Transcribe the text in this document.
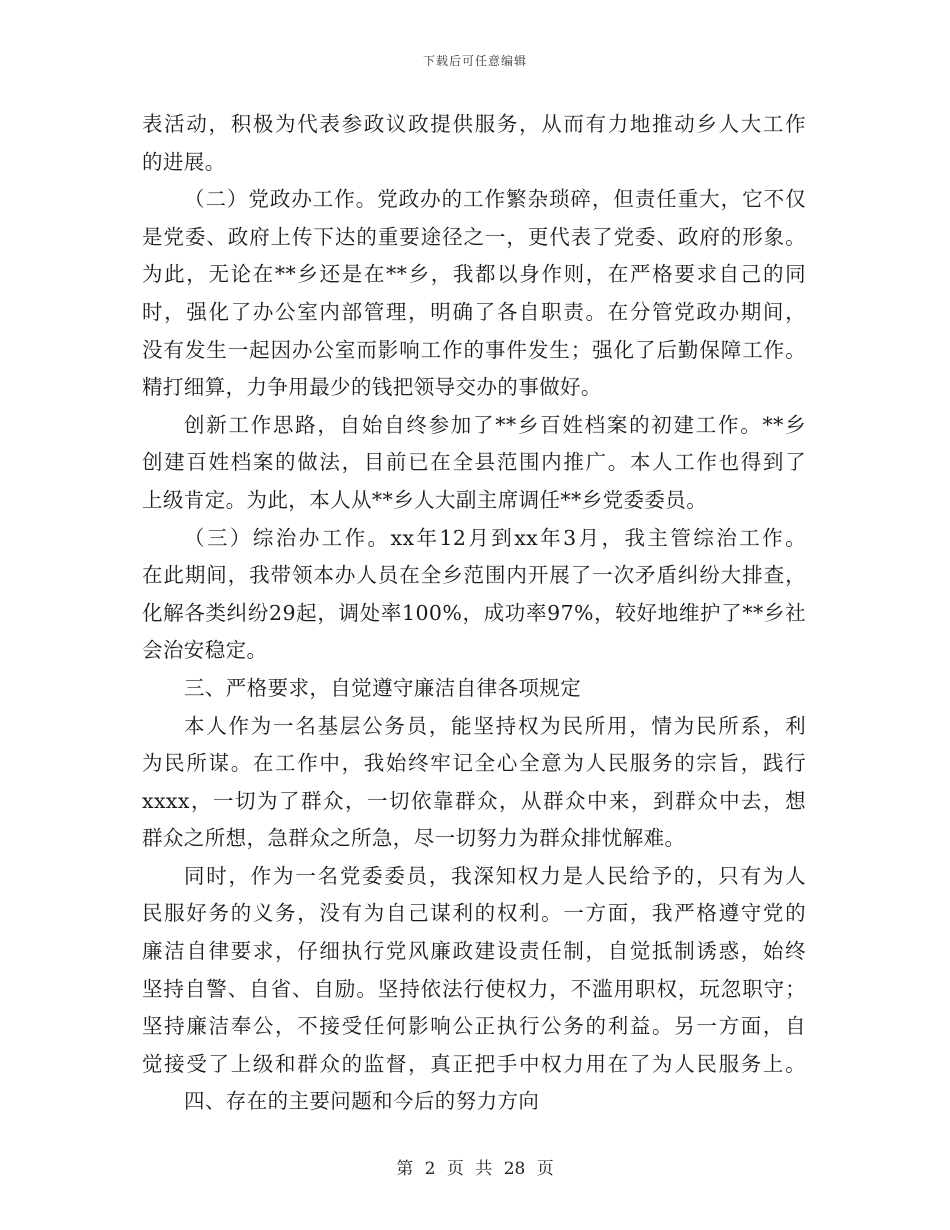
下载后可任意编辑
表活动，积极为代表参政议政提供服务，从而有力地推动乡人大工作
的进展。
（二）党政办工作。党政办的工作繁杂琐碎，但责任重大，它不仅
是党委、政府上传下达的重要途径之一，更代表了党委、政府的形象。
为此，无论在**乡还是在**乡，我都以身作则，在严格要求自己的同
时，强化了办公室内部管理，明确了各自职责。在分管党政办期间，
没有发生一起因办公室而影响工作的事件发生；强化了后勤保障工作。
精打细算，力争用最少的钱把领导交办的事做好。
创新工作思路，自始自终参加了**乡百姓档案的初建工作。**乡
创建百姓档案的做法，目前已在全县范围内推广。本人工作也得到了
上级肯定。为此，本人从**乡人大副主席调任**乡党委委员。
（三）综治办工作。xx年12月到xx年3月，我主管综治工作。
在此期间，我带领本办人员在全乡范围内开展了一次矛盾纠纷大排查，
化解各类纠纷29起，调处率100%，成功率97%，较好地维护了**乡社
会治安稳定。
三、严格要求，自觉遵守廉洁自律各项规定
本人作为一名基层公务员，能坚持权为民所用，情为民所系，利
为民所谋。在工作中，我始终牢记全心全意为人民服务的宗旨，践行
xxxx，一切为了群众，一切依靠群众，从群众中来，到群众中去，想
群众之所想，急群众之所急，尽一切努力为群众排忧解难。
同时，作为一名党委委员，我深知权力是人民给予的，只有为人
民服好务的义务，没有为自己谋利的权利。一方面，我严格遵守党的
廉洁自律要求，仔细执行党风廉政建设责任制，自觉抵制诱惑，始终
坚持自警、自省、自励。坚持依法行使权力，不滥用职权，玩忽职守；
坚持廉洁奉公，不接受任何影响公正执行公务的利益。另一方面，自
觉接受了上级和群众的监督，真正把手中权力用在了为人民服务上。
四、存在的主要问题和今后的努力方向
第 2 页 共 28 页
